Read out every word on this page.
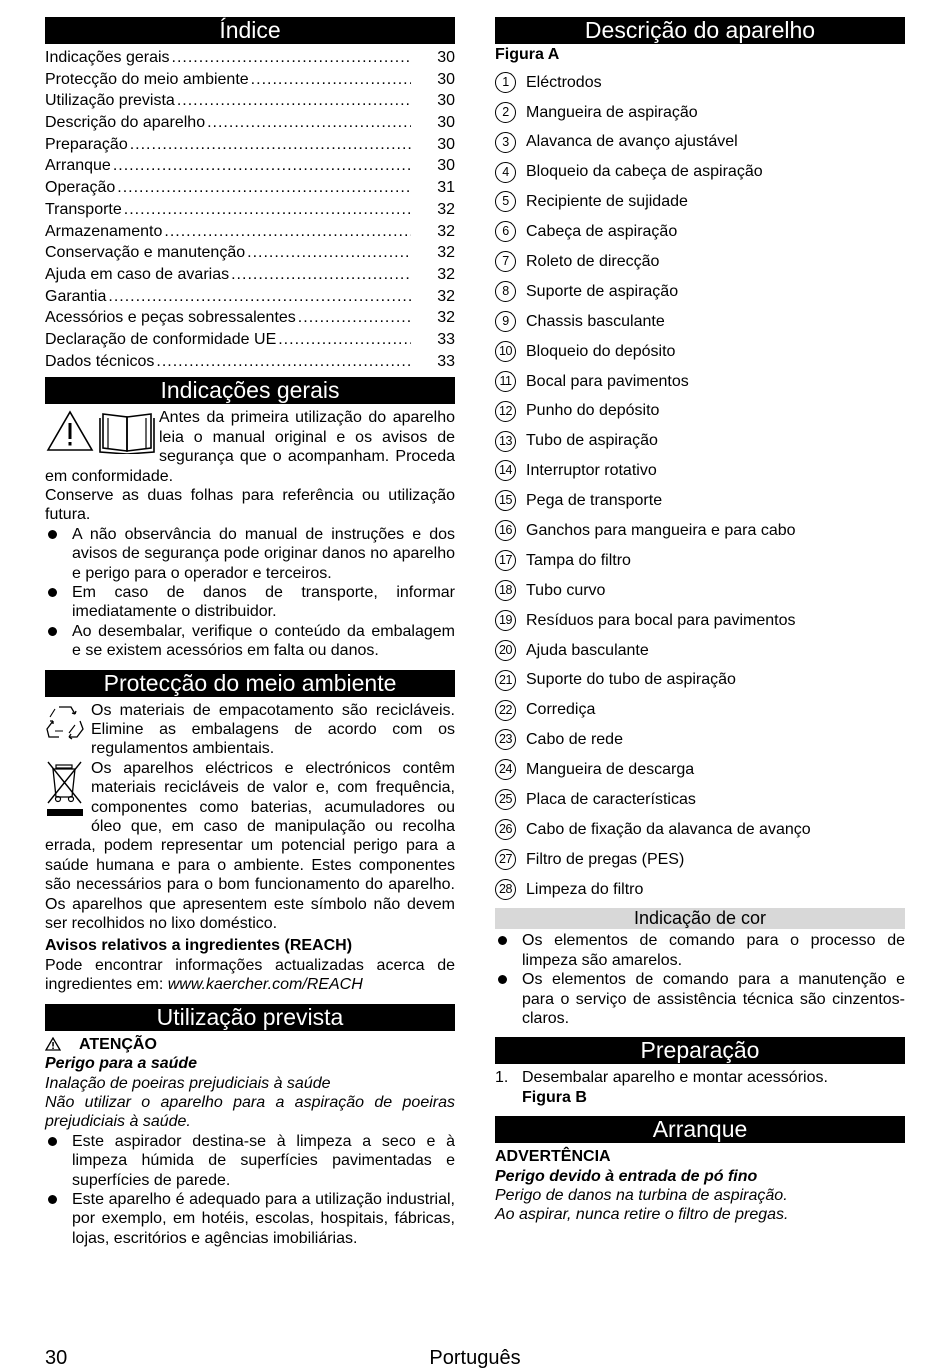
Índice
Indicações gerais .....	30
Protecção do meio ambiente .....	30
Utilização prevista .....	30
Descrição do aparelho .....	30
Preparação .....	30
Arranque .....	30
Operação .....	31
Transporte .....	32
Armazenamento .....	32
Conservação e manutenção .....	32
Ajuda em caso de avarias .....	32
Garantia .....	32
Acessórios e peças sobressalentes .....	32
Declaração de conformidade UE .....	33
Dados técnicos .....	33
Indicações gerais

Antes da primeira utilização do aparelho leia o manual original e os avisos de segurança que o acompanham. Proceda em conformidade.

Conserve as duas folhas para referência ou utilização futura.

A não observância do manual de instruções e dos avisos de segurança pode originar danos no aparelho e perigo para o operador e terceiros.
Em caso de danos de transporte, informar imediatamente o distribuidor.
Ao desembalar, verifique o conteúdo da embalagem e se existem acessórios em falta ou danos.
Protecção do meio ambiente

Os materiais de empacotamento são recicláveis. Elimine as embalagens de acordo com os regulamentos ambientais.

Os aparelhos eléctricos e electrónicos contêm materiais recicláveis de valor e, com frequência, componentes como baterias, acumuladores ou óleo que, em caso de manipulação ou recolha errada, podem representar um potencial perigo para a saúde humana e para o ambiente. Estes componentes são necessários para o bom funcionamento do aparelho. Os aparelhos que apresentem este símbolo não devem ser recolhidos no lixo doméstico.

Avisos relativos a ingredientes (REACH)

Pode encontrar informações actualizadas acerca de ingredientes em: www.kaercher.com/REACH

Utilização prevista

ATENÇÃO

Perigo para a saúde

Inalação de poeiras prejudiciais à saúde

Não utilizar o aparelho para a aspiração de poeiras prejudiciais à saúde.

Este aspirador destina-se à limpeza a seco e à limpeza húmida de superfícies pavimentadas e superfícies de parede.
Este aparelho é adequado para a utilização industrial, por exemplo, em hotéis, escolas, hospitais, fábricas, lojas, escritórios e agências imobiliárias.
Descrição do aparelho

Figura A

1	Eléctrodos
2	Mangueira de aspiração
3	Alavanca de avanço ajustável
4	Bloqueio da cabeça de aspiração
5	Recipiente de sujidade
6	Cabeça de aspiração
7	Roleto de direcção
8	Suporte de aspiração
9	Chassis basculante
10 Bloqueio do depósito
11 Bocal para pavimentos
12 Punho do depósito
13 Tubo de aspiração
14 Interruptor rotativo
15 Pega de transporte
16 Ganchos para mangueira e para cabo
17 Tampa do filtro
18 Tubo curvo
19 Resíduos para bocal para pavimentos
20 Ajuda basculante
21 Suporte do tubo de aspiração
22 Corrediça
23 Cabo de rede
24 Mangueira de descarga
25 Placa de características
26 Cabo de fixação da alavanca de avanço
27 Filtro de pregas (PES)
28 Limpeza do filtro
Indicação de cor
Os elementos de comando para o processo de limpeza são amarelos.
Os elementos de comando para a manutenção e para o serviço de assistência técnica são cinzentos-claros.
Preparação
1. Desembalar aparelho e montar acessórios.

Figura B

Arranque

ADVERTÊNCIA

Perigo devido à entrada de pó fino

Perigo de danos na turbina de aspiração.

Ao aspirar, nunca retire o filtro de pregas.

30	Português
